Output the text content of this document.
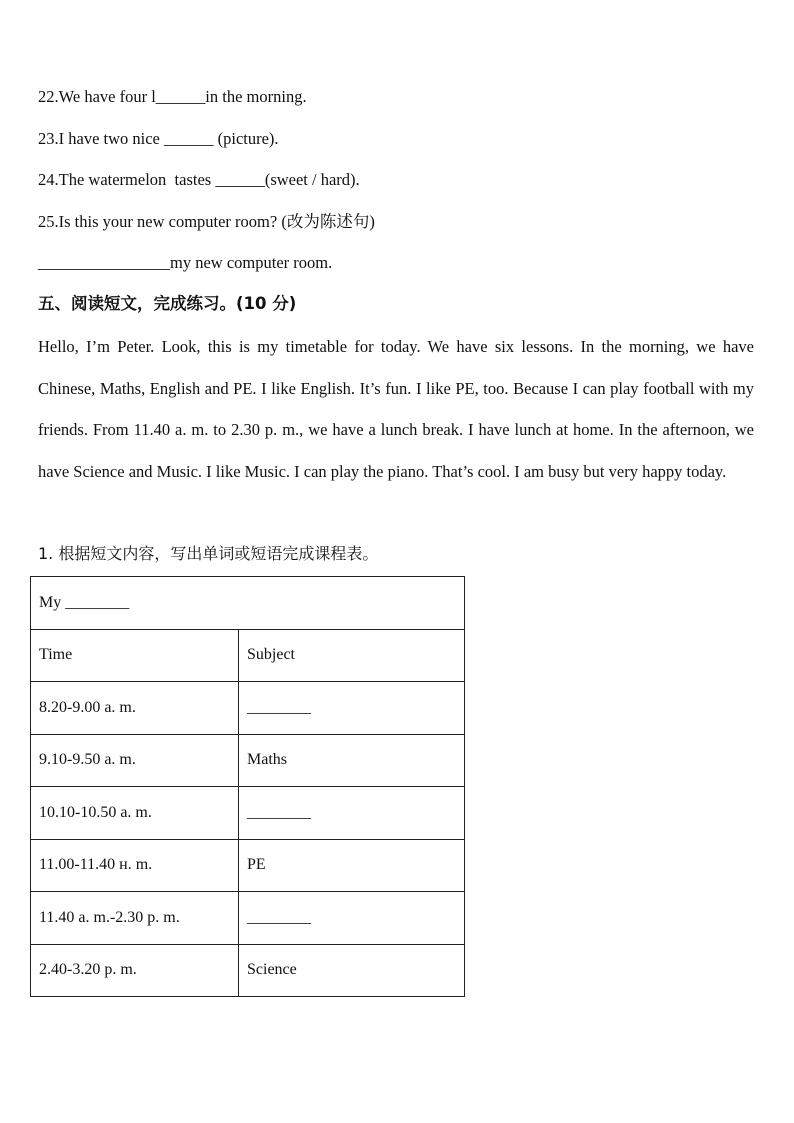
22.We have four l______in the morning.
23.I have two nice ______ (picture).
24.The watermelon  tastes ______(sweet / hard).
25.Is this your new computer room? (改为陈述句)
________________my new computer room.
五、阅读短文，完成练习。(10 分)
Hello, I’m Peter. Look, this is my timetable for today. We have six lessons. In the morning, we have Chinese, Maths, English and PE. I like English. It’s fun. I like PE, too. Because I can play football with my friends. From 11.40 a. m. to 2.30 p. m., we have a lunch break. I have lunch at home. In the afternoon, we have Science and Music. I like Music. I can play the piano. That’s cool. I am busy but very happy today.
1. 根据短文内容，写出单词或短语完成课程表。
My ________	
Time	Subject
8.20-9.00 a. m.	________
9.10-9.50 a. m.	Maths
10.10-10.50 a. m.	________
11.00-11.40 н. m.	PE
11.40 a. m.-2.30 p. m.	________
2.40-3.20 p. m.	Science
